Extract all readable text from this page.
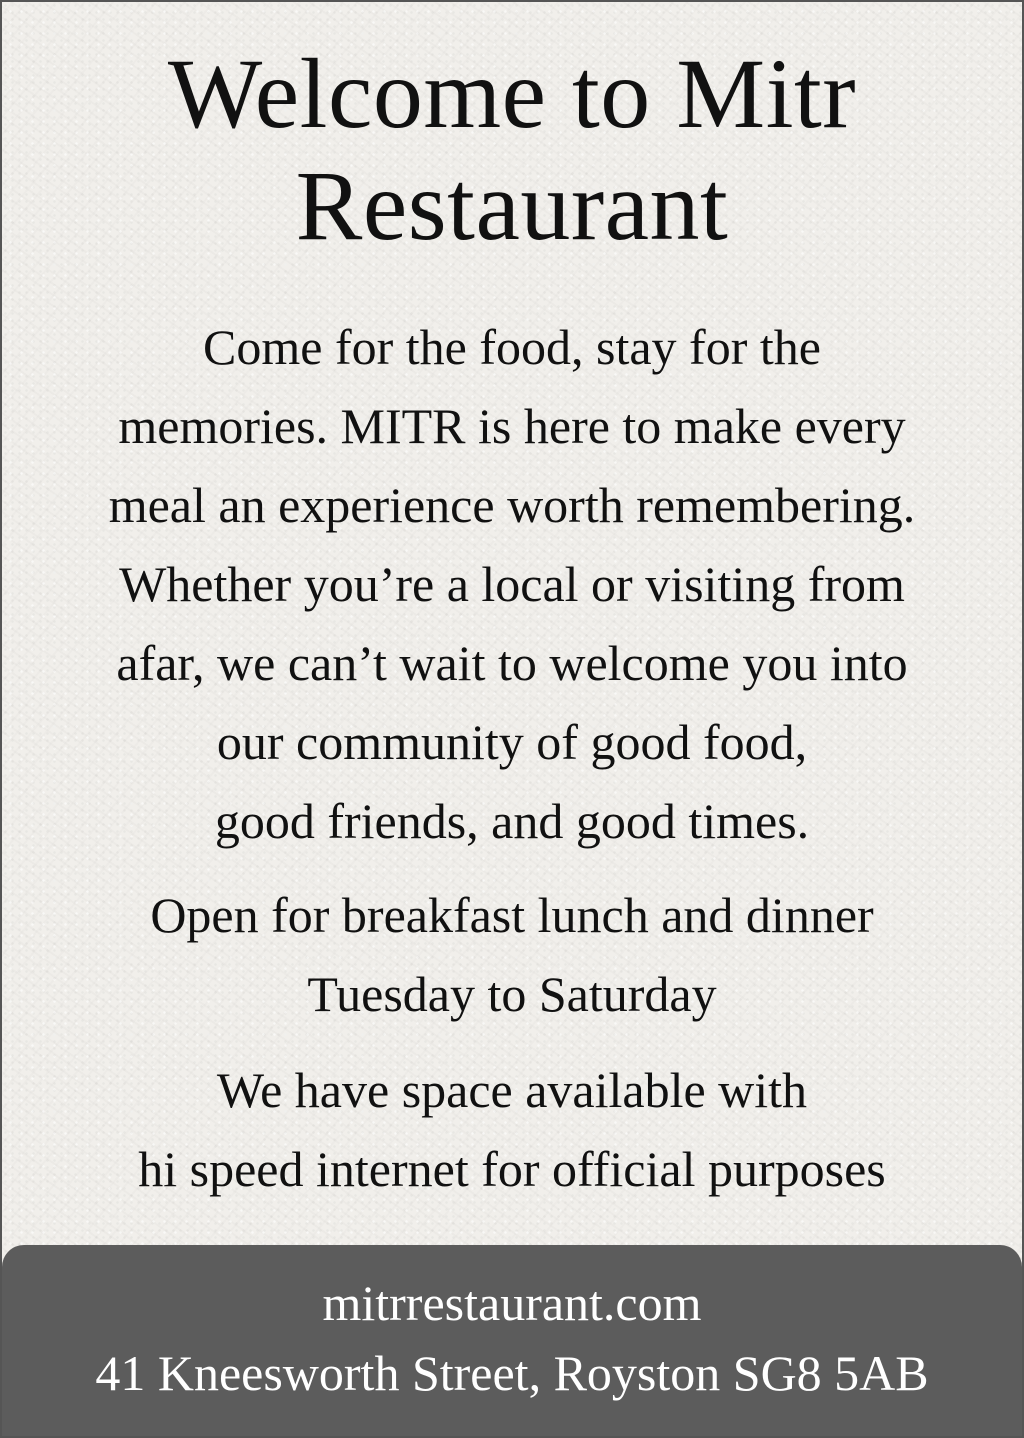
Welcome to Mitr
Restaurant

Come for the food, stay for the
memories. MITR is here to make every
meal an experience worth remembering.
Whether you’re a local or visiting from
afar, we can’t wait to welcome you into
our community of good food,
good friends, and good times.

Open for breakfast lunch and dinner
Tuesday to Saturday

We have space available with
hi speed internet for official purposes

mitrrestaurant.com
41 Kneesworth Street, Royston SG8 5AB
